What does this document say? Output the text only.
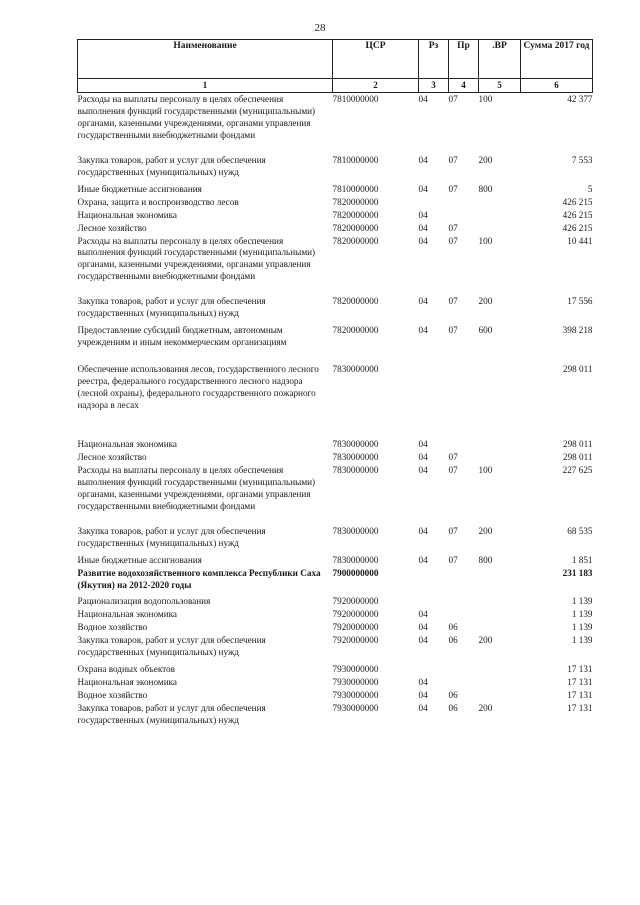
28
Наименование	ЦСР	Рз	Пр	.ВР	Сумма 2017 год
1	2	3	4	5	6
Расходы на выплаты персоналу в целях обеспечения выполнения функций государственными (муниципальными) органами, казенными учреждениями, органами управления государственными внебюджетными фондами	7810000000	04	07	100	42 377
Закупка товаров, работ и услуг для обеспечения государственных (муниципальных) нужд	7810000000	04	07	200	7 553
Иные бюджетные ассигнования	7810000000	04	07	800	5
Охрана, защита и воспроизводство лесов	7820000000				426 215
Национальная экономика	7820000000	04			426 215
Лесное хозяйство	7820000000	04	07		426 215
Расходы на выплаты персоналу в целях обеспечения выполнения функций государственными (муниципальными) органами, казенными учреждениями, органами управления государственными внебюджетными фондами	7820000000	04	07	100	10 441
Закупка товаров, работ и услуг для обеспечения государственных (муниципальных) нужд	7820000000	04	07	200	17 556
Предоставление субсидий бюджетным, автономным учреждениям и иным некоммерческим организациям	7820000000	04	07	600	398 218
Обеспечение использования лесов, государственного лесного реестра, федерального государственного лесного надзора (лесной охраны), федерального государственного пожарного надзора в лесах	7830000000				298 011
Национальная экономика	7830000000	04			298 011
Лесное хозяйство	7830000000	04	07		298 011
Расходы на выплаты персоналу в целях обеспечения выполнения функций государственными (муниципальными) органами, казенными учреждениями, органами управления государственными внебюджетными фондами	7830000000	04	07	100	227 625
Закупка товаров, работ и услуг для обеспечения государственных (муниципальных) нужд	7830000000	04	07	200	68 535
Иные бюджетные ассигнования	7830000000	04	07	800	1 851
Развитие водохозяйственного комплекса Республики Саха (Якутия) на 2012-2020 годы	7900000000				231 183
Рационализация водопользования	7920000000				1 139
Национальная экономика	7920000000	04			1 139
Водное хозяйство	7920000000	04	06		1 139
Закупка товаров, работ и услуг для обеспечения государственных (муниципальных) нужд	7920000000	04	06	200	1 139
Охрана водных объектов	7930000000				17 131
Национальная экономика	7930000000	04			17 131
Водное хозяйство	7930000000	04	06		17 131
Закупка товаров, работ и услуг для обеспечения государственных (муниципальных) нужд	7930000000	04	06	200	17 131
